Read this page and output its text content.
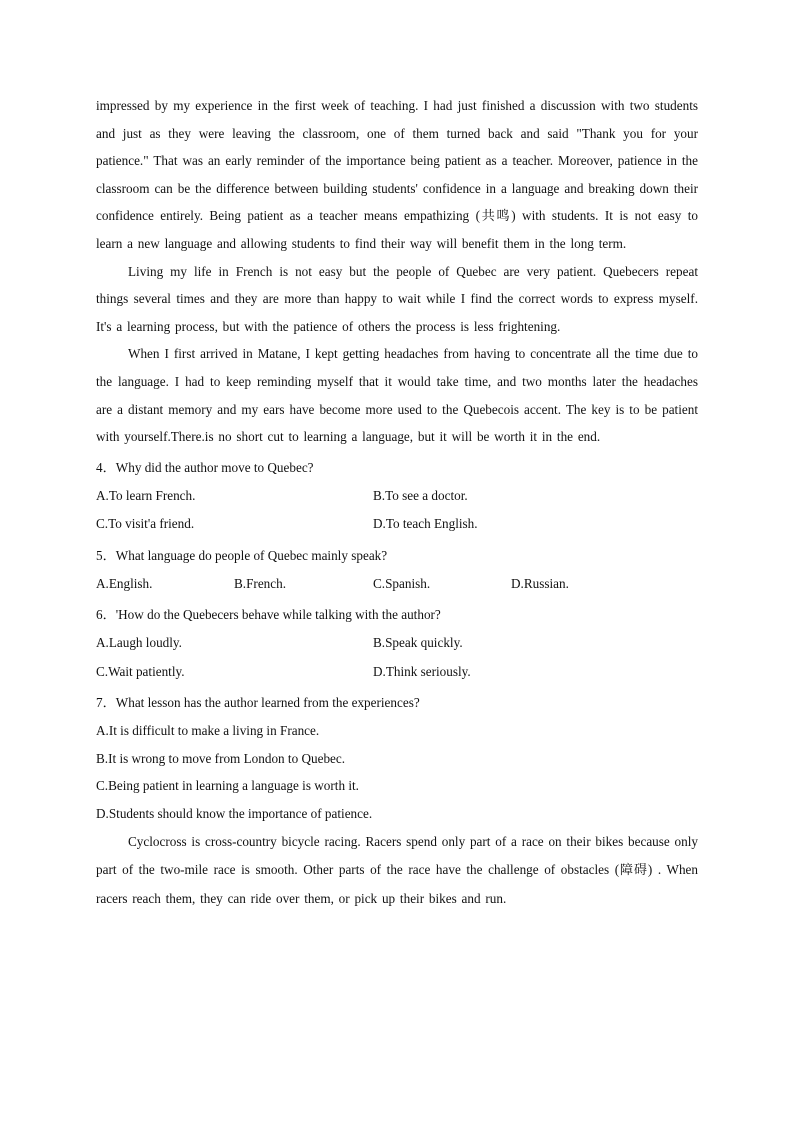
impressed by my experience in the first week of teaching. I had just finished a discussion with two students and just as they were leaving the classroom, one of them turned back and said "Thank you for your patience." That was an early reminder of the importance being patient as a teacher. Moreover, patience in the classroom can be the difference between building students' confidence in a language and breaking down their confidence entirely. Being patient as a teacher means empathizing (共鸣) with students. It is not easy to learn a new language and allowing students to find their way will benefit them in the long term.

Living my life in French is not easy but the people of Quebec are very patient. Quebecers repeat things several times and they are more than happy to wait while I find the correct words to express myself. It's a learning process, but with the patience of others the process is less frightening.

When I first arrived in Matane, I kept getting headaches from having to concentrate all the time due to the language. I had to keep reminding myself that it would take time, and two months later the headaches are a distant memory and my ears have become more used to the Quebecois accent. The key is to be patient with yourself.There.is no short cut to learning a language, but it will be worth it in the end.

4．Why did the author move to Quebec?
A.To learn French.	B.To see a doctor.
C.To visit'a friend.	D.To teach English.
5．What language do people of Quebec mainly speak?
A.English.	B.French.	C.Spanish.	D.Russian.
6．'How do the Quebecers behave while talking with the author?
A.Laugh loudly.	B.Speak quickly.
C.Wait patiently.	D.Think seriously.
7．What lesson has the author learned from the experiences?
A.It is difficult to make a living in France.
B.It is wrong to move from London to Quebec.
C.Being patient in learning a language is worth it.
D.Students should know the importance of patience.

Cyclocross is cross-country bicycle racing. Racers spend only part of a race on their bikes because only part of the two-mile race is smooth. Other parts of the race have the challenge of obstacles (障碍) . When racers reach them, they can ride over them, or pick up their bikes and run.
